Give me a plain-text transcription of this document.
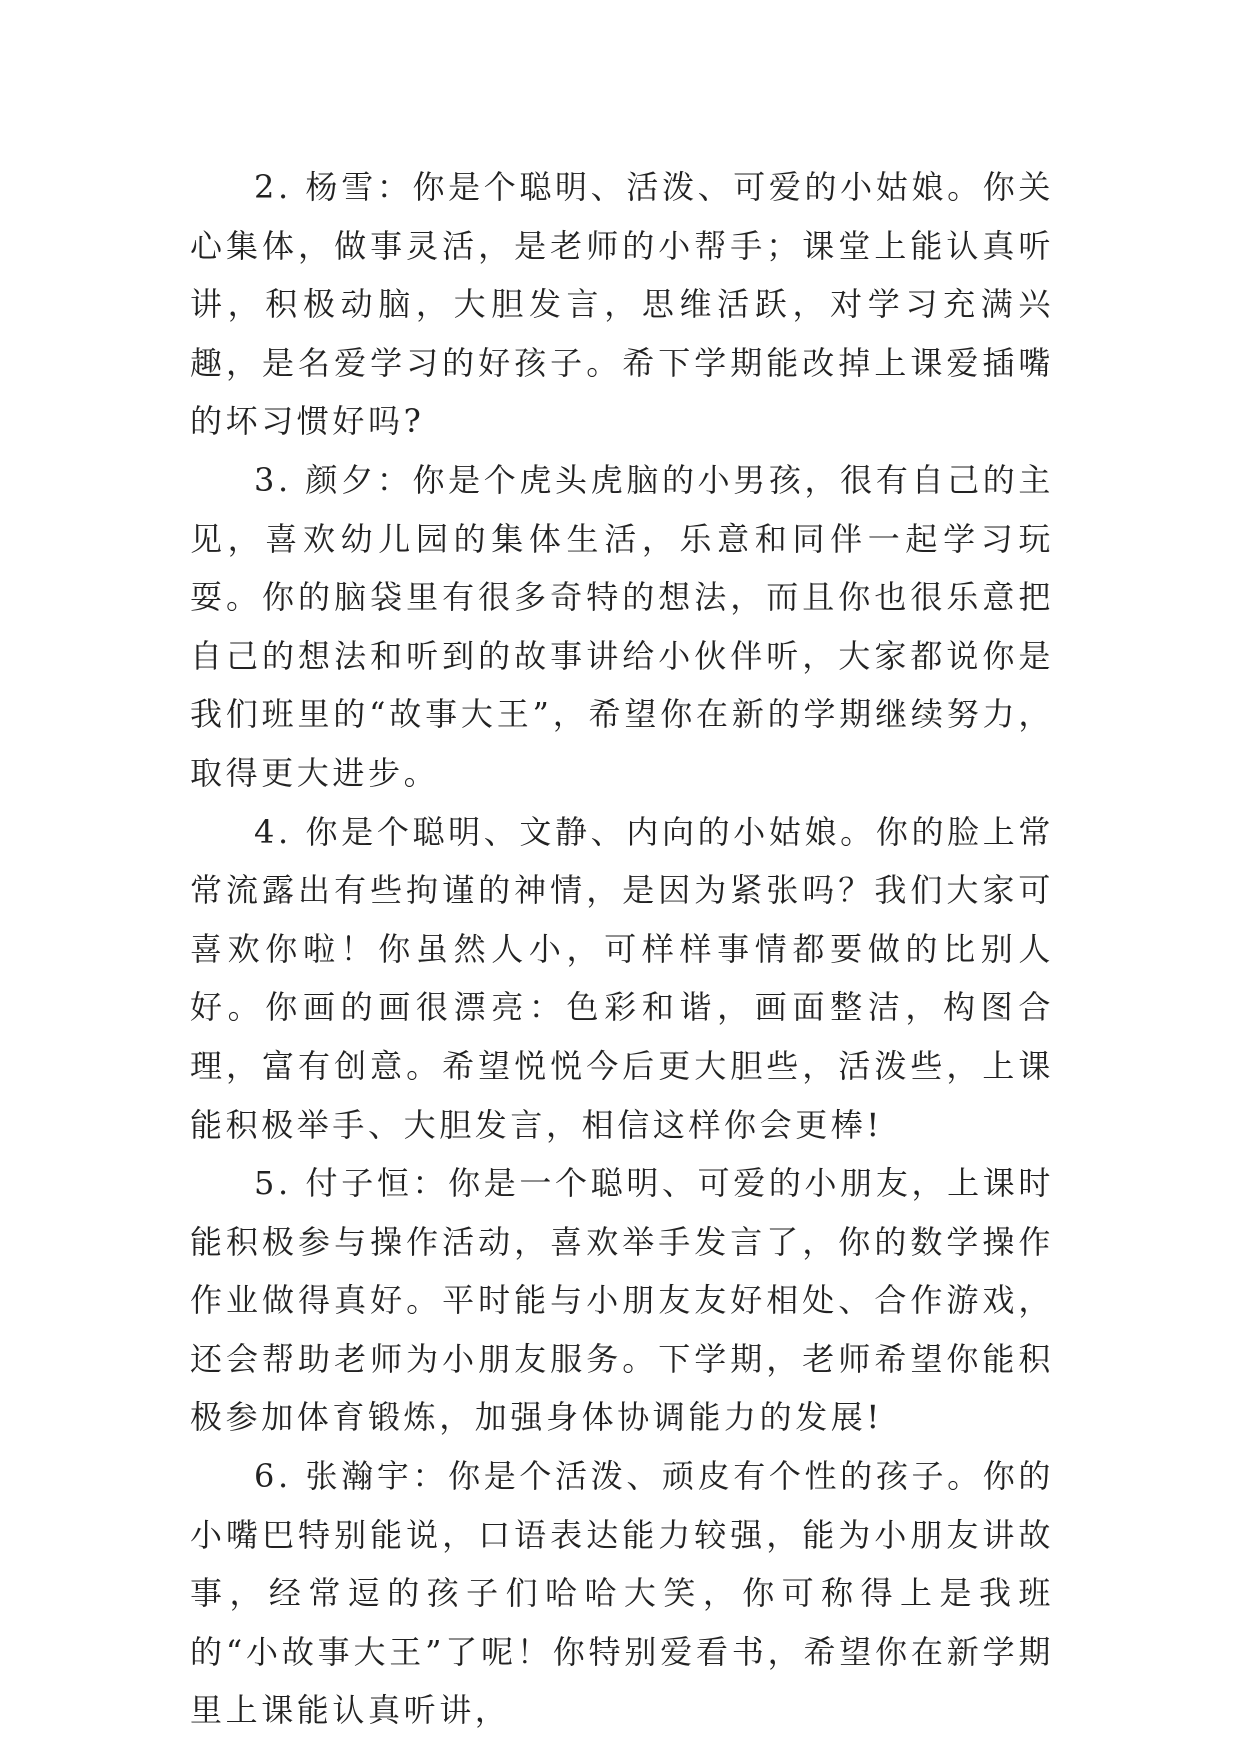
2. 杨雪：你是个聪明、活泼、可爱的小姑娘。你关心集体，做事灵活，是老师的小帮手；课堂上能认真听讲，积极动脑，大胆发言，思维活跃，对学习充满兴趣，是名爱学习的好孩子。希下学期能改掉上课爱插嘴的坏习惯好吗?

3. 颜夕：你是个虎头虎脑的小男孩，很有自己的主见，喜欢幼儿园的集体生活，乐意和同伴一起学习玩耍。你的脑袋里有很多奇特的想法，而且你也很乐意把自己的想法和听到的故事讲给小伙伴听，大家都说你是我们班里的“故事大王”，希望你在新的学期继续努力，取得更大进步。

4. 你是个聪明、文静、内向的小姑娘。你的脸上常常流露出有些拘谨的神情，是因为紧张吗？我们大家可喜欢你啦！你虽然人小，可样样事情都要做的比别人好。你画的画很漂亮：色彩和谐，画面整洁，构图合理，富有创意。希望悦悦今后更大胆些，活泼些，上课能积极举手、大胆发言，相信这样你会更棒!

5. 付子恒：你是一个聪明、可爱的小朋友，上课时能积极参与操作活动，喜欢举手发言了，你的数学操作作业做得真好。平时能与小朋友友好相处、合作游戏，还会帮助老师为小朋友服务。下学期，老师希望你能积极参加体育锻炼，加强身体协调能力的发展!

6. 张瀚宇：你是个活泼、顽皮有个性的孩子。你的小嘴巴特别能说，口语表达能力较强，能为小朋友讲故事，经常逗的孩子们哈哈大笑，你可称得上是我班的“小故事大王”了呢！你特别爱看书，希望你在新学期里上课能认真听讲，
